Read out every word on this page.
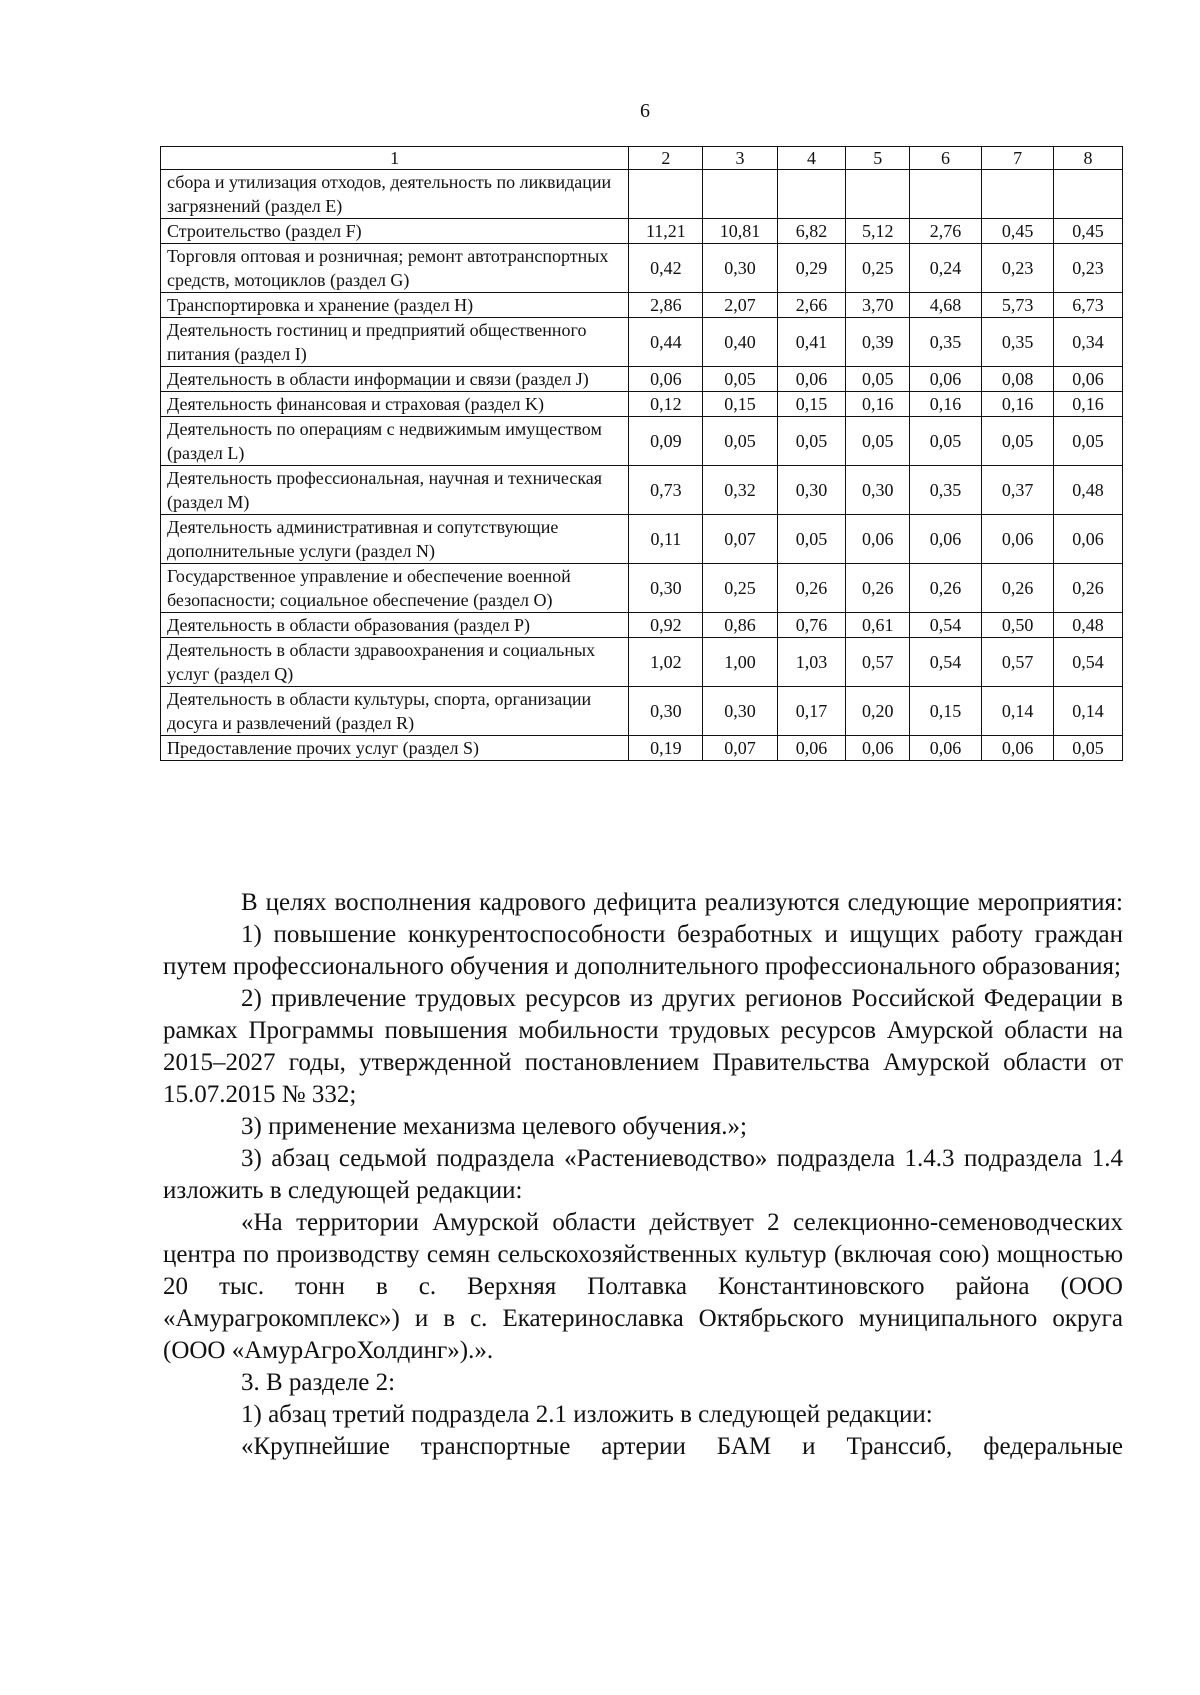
6
1	2	3	4	5	6	7	8
сбора и утилизация отходов, деятельность по ликвидации загрязнений (раздел E)							
Строительство (раздел F)	11,21	10,81	6,82	5,12	2,76	0,45	0,45
Торговля оптовая и розничная; ремонт автотранспортных средств, мотоциклов (раздел G)	0,42	0,30	0,29	0,25	0,24	0,23	0,23
Транспортировка и хранение (раздел H)	2,86	2,07	2,66	3,70	4,68	5,73	6,73
Деятельность гостиниц и предприятий общественного питания (раздел I)	0,44	0,40	0,41	0,39	0,35	0,35	0,34
Деятельность в области информации и связи (раздел J)	0,06	0,05	0,06	0,05	0,06	0,08	0,06
Деятельность финансовая и страховая (раздел K)	0,12	0,15	0,15	0,16	0,16	0,16	0,16
Деятельность по операциям с недвижимым имуществом (раздел L)	0,09	0,05	0,05	0,05	0,05	0,05	0,05
Деятельность профессиональная, научная и техническая (раздел M)	0,73	0,32	0,30	0,30	0,35	0,37	0,48
Деятельность административная и сопутствующие дополнительные услуги (раздел N)	0,11	0,07	0,05	0,06	0,06	0,06	0,06
Государственное управление и обеспечение военной безопасности; социальное обеспечение (раздел O)	0,30	0,25	0,26	0,26	0,26	0,26	0,26
Деятельность в области образования (раздел P)	0,92	0,86	0,76	0,61	0,54	0,50	0,48
Деятельность в области здравоохранения и социальных услуг (раздел Q)	1,02	1,00	1,03	0,57	0,54	0,57	0,54
Деятельность в области культуры, спорта, организации досуга и развлечений (раздел R)	0,30	0,30	0,17	0,20	0,15	0,14	0,14
Предоставление прочих услуг (раздел S)	0,19	0,07	0,06	0,06	0,06	0,06	0,05

В целях восполнения кадрового дефицита реализуются следующие мероприятия:

1) повышение конкурентоспособности безработных и ищущих работу граждан путем профессионального обучения и дополнительного профессионального образования;

2) привлечение трудовых ресурсов из других регионов Российской Федерации в рамках Программы повышения мобильности трудовых ресурсов Амурской области на 2015–2027 годы, утвержденной постановлением Правительства Амурской области от 15.07.2015 № 332;

3) применение механизма целевого обучения.»;

3) абзац седьмой подраздела «Растениеводство» подраздела 1.4.3 подраздела 1.4 изложить в следующей редакции:

«На территории Амурской области действует 2 селекционно-семеноводческих центра по производству семян сельскохозяйственных культур (включая сою) мощностью 20 тыс. тонн в с. Верхняя Полтавка Константиновского района (ООО «Амурагрокомплекс») и в с. Екатеринославка Октябрьского муниципального округа (ООО «АмурАгроХолдинг»).».

3. В разделе 2:

1) абзац третий подраздела 2.1 изложить в следующей редакции:

«Крупнейшие транспортные артерии БАМ и Транссиб, федеральные
